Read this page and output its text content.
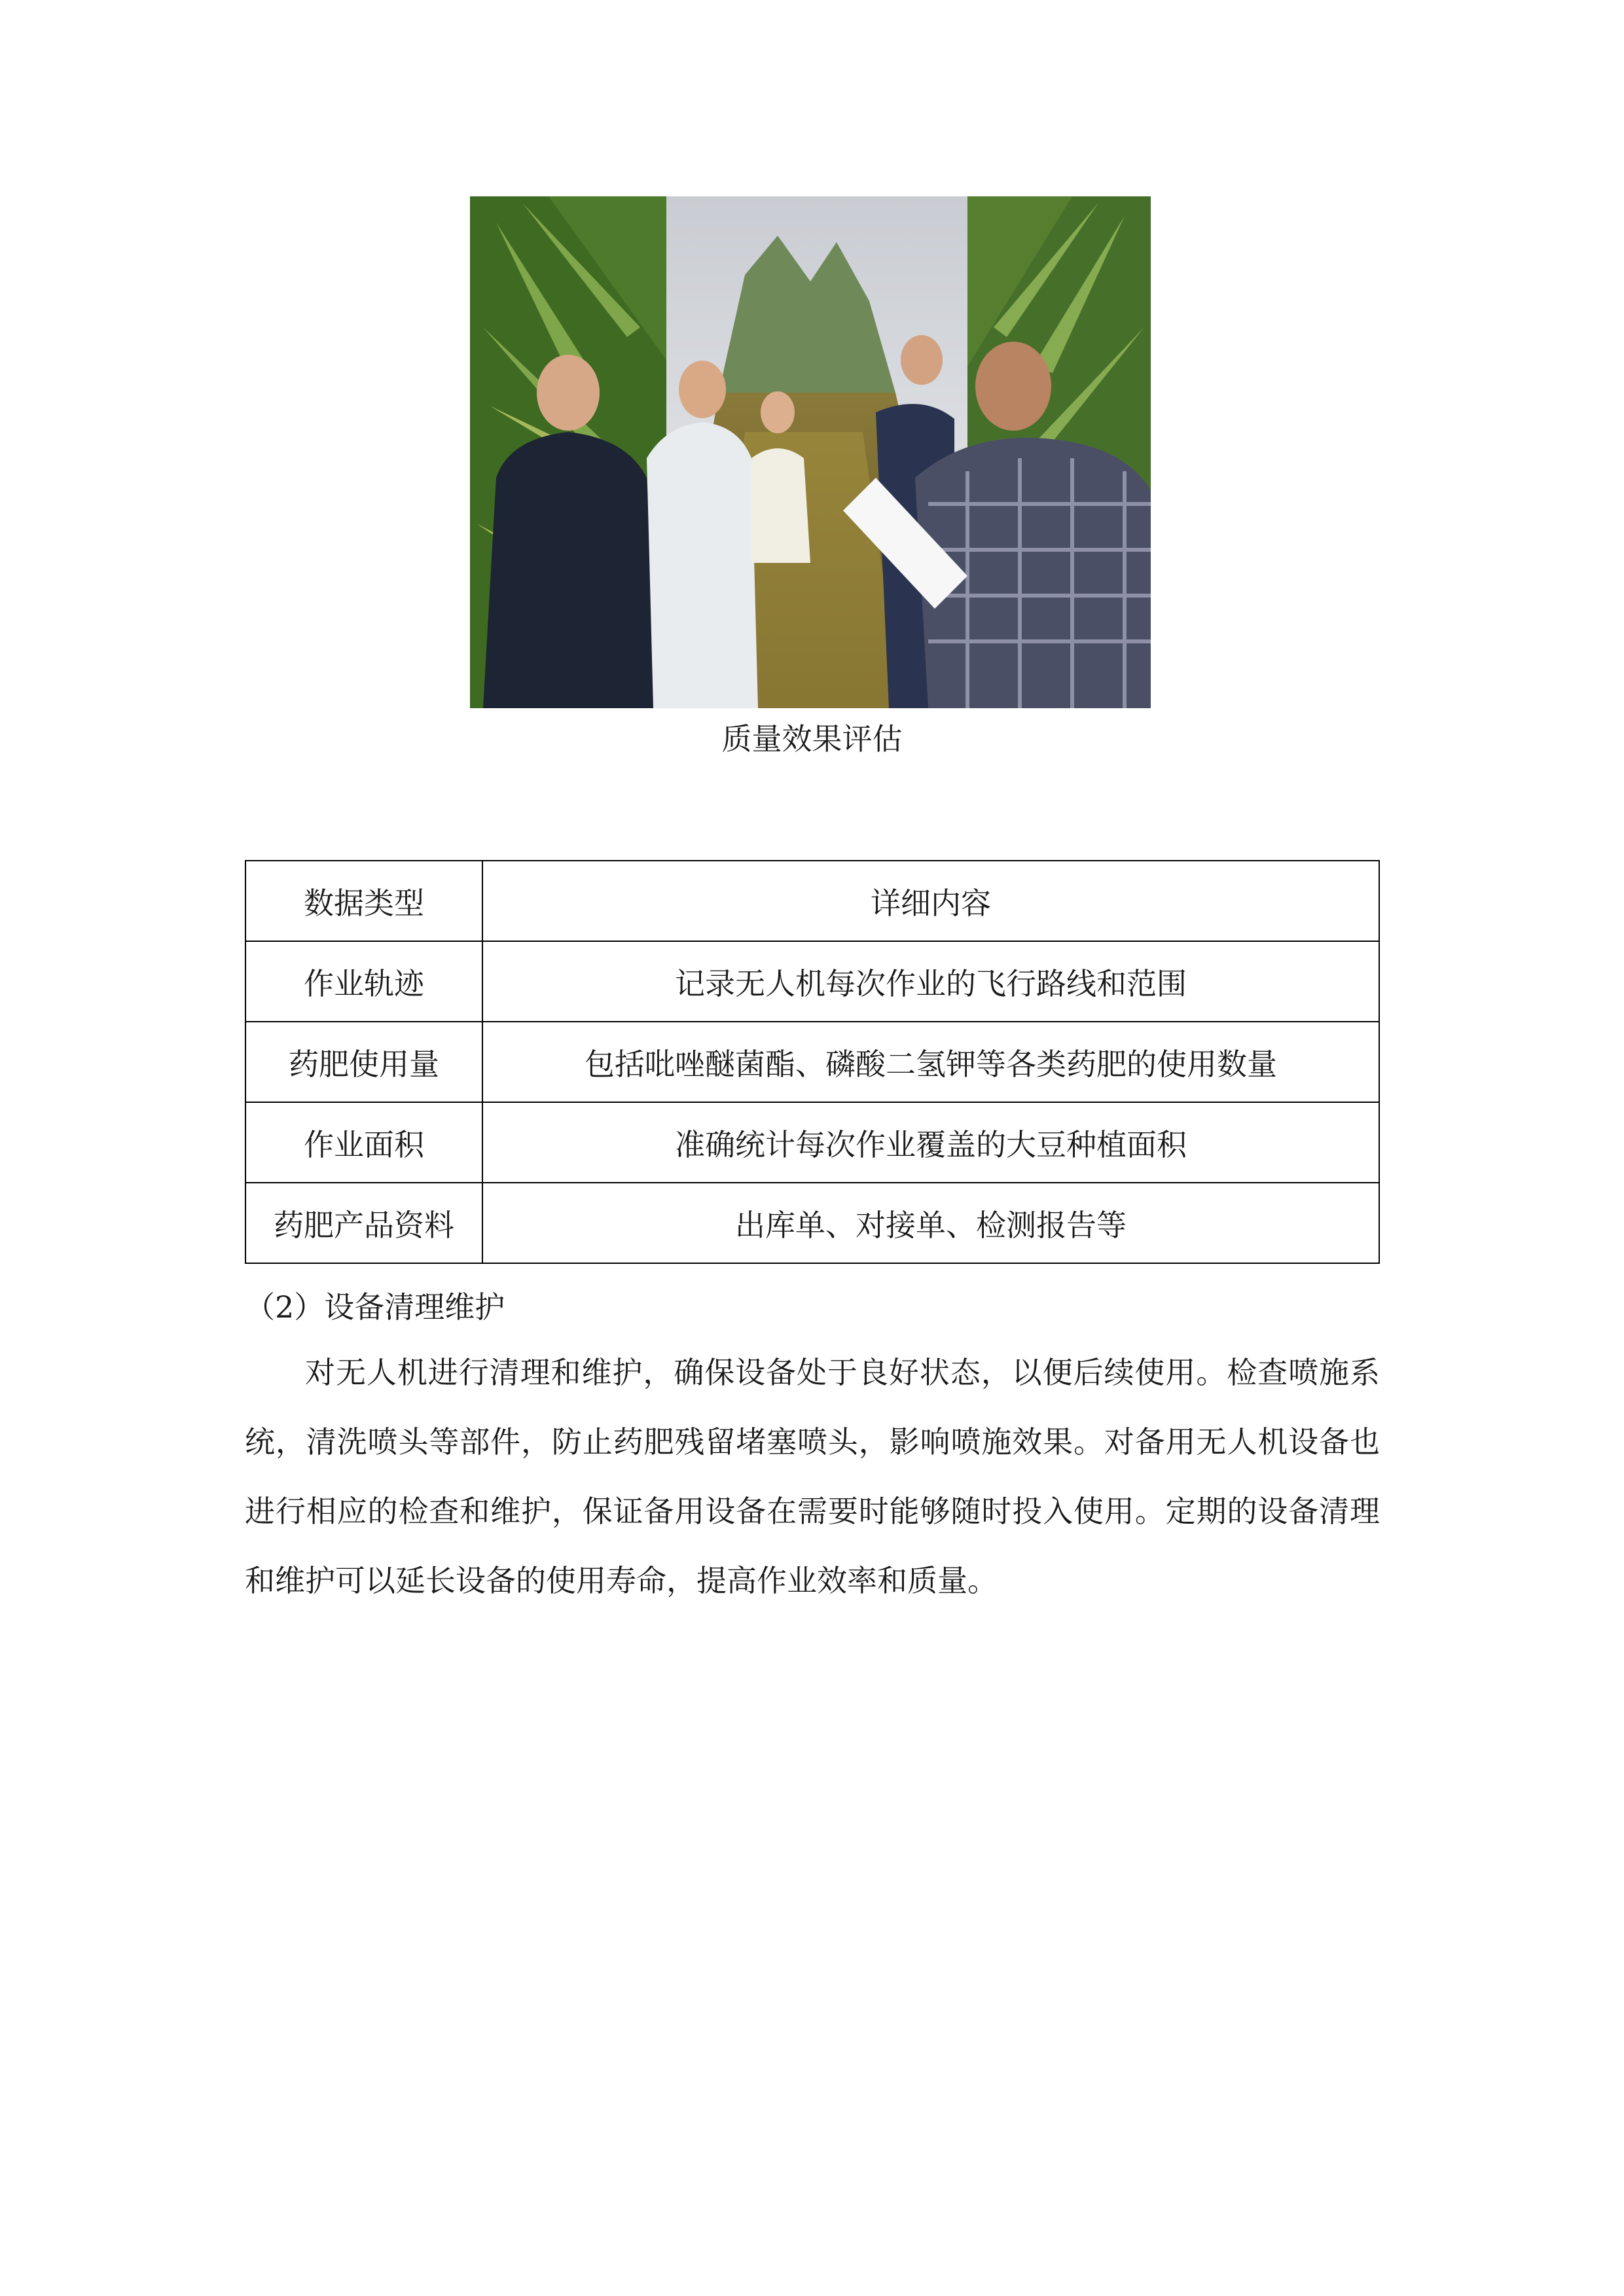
质量效果评估
数据类型	详细内容
作业轨迹	记录无人机每次作业的飞行路线和范围
药肥使用量	包括吡唑醚菌酯、磷酸二氢钾等各类药肥的使用数量
作业面积	准确统计每次作业覆盖的大豆种植面积
药肥产品资料	出库单、对接单、检测报告等
（2）设备清理维护

对无人机进行清理和维护，确保设备处于良好状态，以便后续使用。检查喷施系统，清洗喷头等部件，防止药肥残留堵塞喷头，影响喷施效果。对备用无人机设备也进行相应的检查和维护，保证备用设备在需要时能够随时投入使用。定期的设备清理和维护可以延长设备的使用寿命，提高作业效率和质量。
